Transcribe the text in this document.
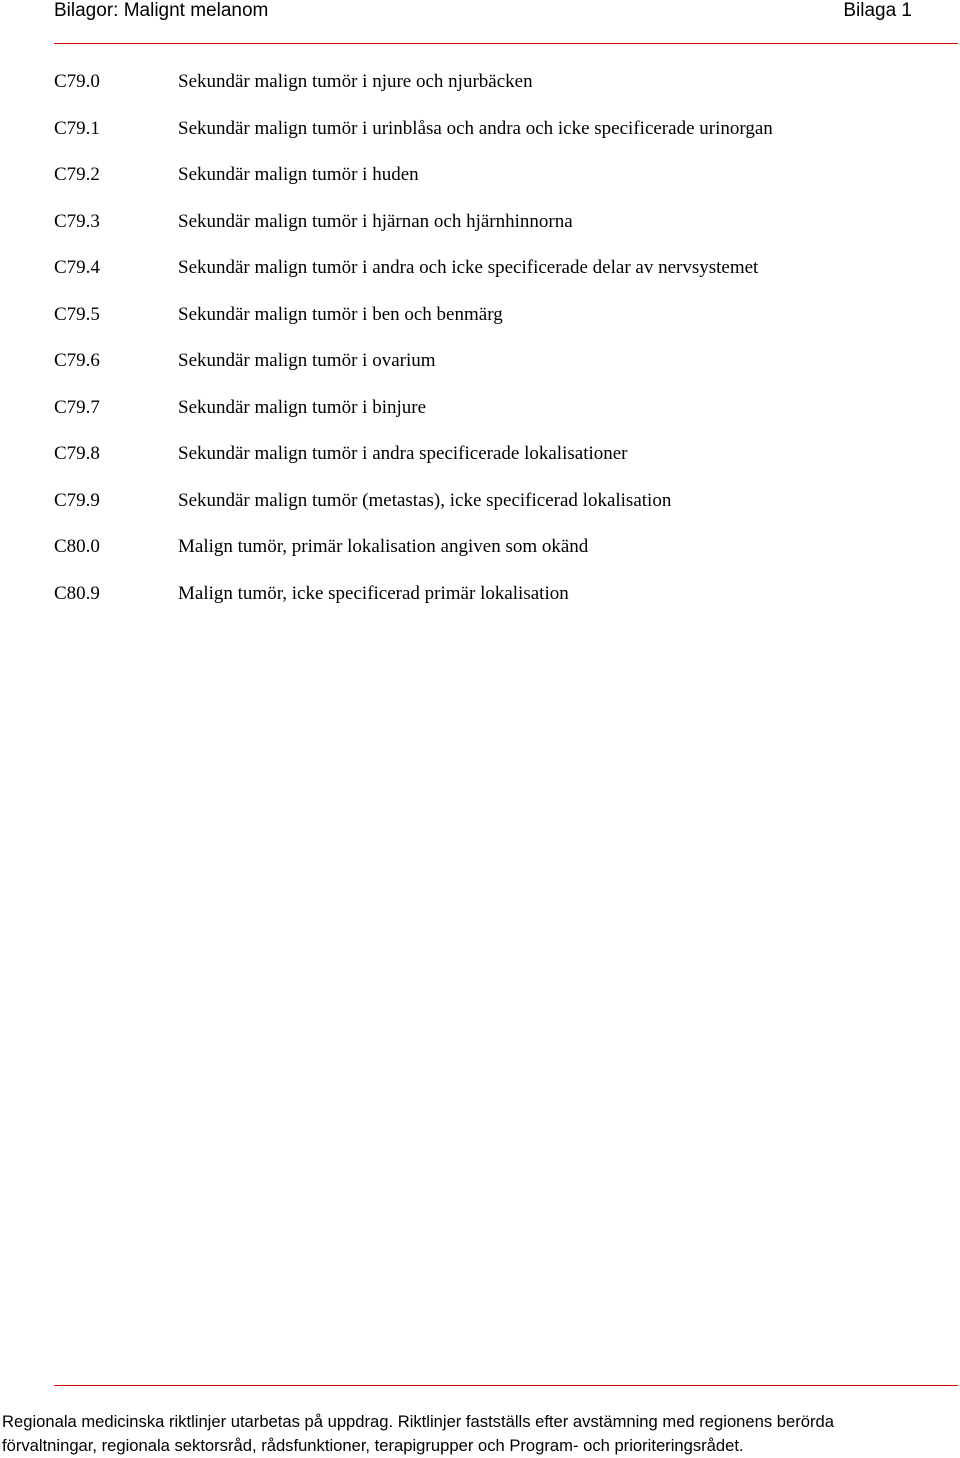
Bilagor: Malignt melanom	Bilaga 1
C79.0	Sekundär malign tumör i njure och njurbäcken
C79.1	Sekundär malign tumör i urinblåsa och andra och icke specificerade urinorgan
C79.2	Sekundär malign tumör i huden
C79.3	Sekundär malign tumör i hjärnan och hjärnhinnorna
C79.4	Sekundär malign tumör i andra och icke specificerade delar av nervsystemet
C79.5	Sekundär malign tumör i ben och benmärg
C79.6	Sekundär malign tumör i ovarium
C79.7	Sekundär malign tumör i binjure
C79.8	Sekundär malign tumör i andra specificerade lokalisationer
C79.9	Sekundär malign tumör (metastas), icke specificerad lokalisation
C80.0	Malign tumör, primär lokalisation angiven som okänd
C80.9	Malign tumör, icke specificerad primär lokalisation
Regionala medicinska riktlinjer utarbetas på uppdrag. Riktlinjer fastställs efter avstämning med regionens berörda
förvaltningar, regionala sektorsråd, rådsfunktioner, terapigrupper och Program- och prioriteringsrådet.
